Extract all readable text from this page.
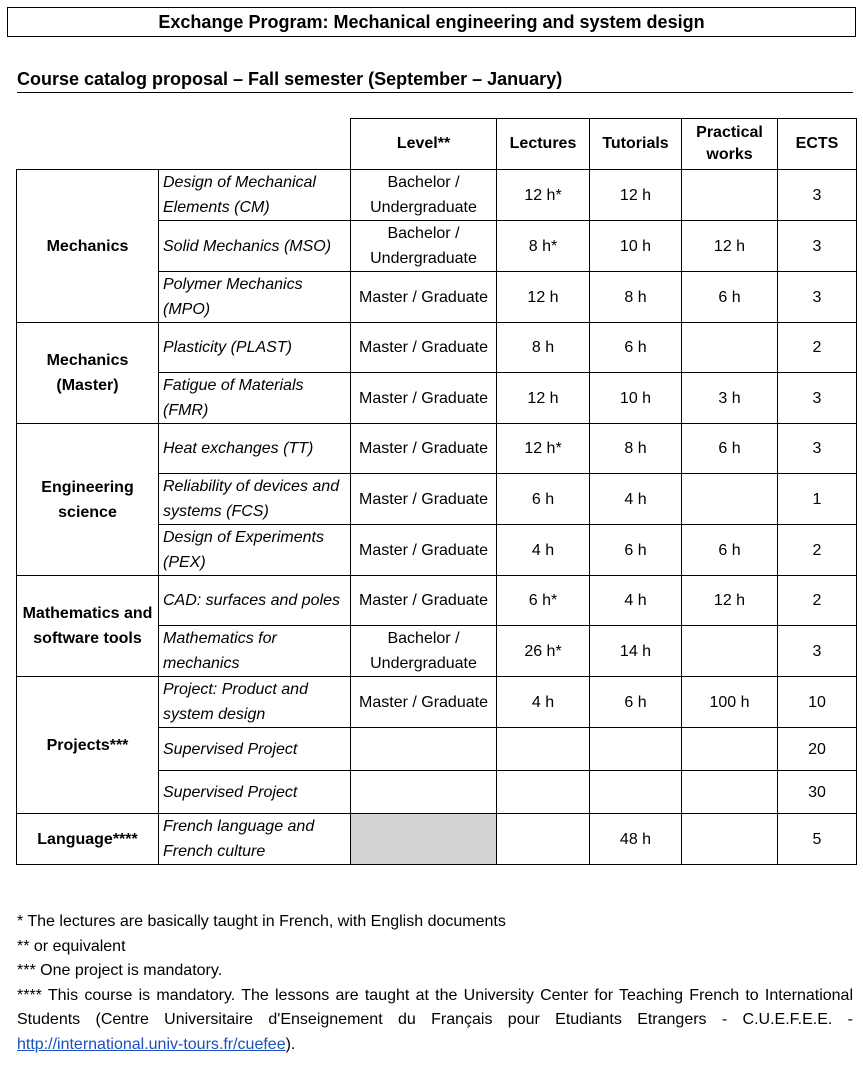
Exchange Program: Mechanical engineering and system design
Course catalog proposal – Fall semester (September – January)
		Level**	Lectures	Tutorials	Practical works	ECTS
Mechanics	Design of Mechanical Elements (CM)	Bachelor / Undergraduate	12 h*	12 h		3
	Solid Mechanics (MSO)	Bachelor / Undergraduate	8 h*	10 h	12 h	3
	Polymer Mechanics (MPO)	Master / Graduate	12 h	8 h	6 h	3
Mechanics (Master)	Plasticity (PLAST)	Master / Graduate	8 h	6 h		2
	Fatigue of Materials (FMR)	Master / Graduate	12 h	10 h	3 h	3
Engineering science	Heat exchanges (TT)	Master / Graduate	12 h*	8 h	6 h	3
	Reliability of devices and systems (FCS)	Master / Graduate	6 h	4 h		1
	Design of Experiments (PEX)	Master / Graduate	4 h	6 h	6 h	2
Mathematics and software tools	CAD: surfaces and poles	Master / Graduate	6 h*	4 h	12 h	2
	Mathematics for mechanics	Bachelor / Undergraduate	26 h*	14 h		3
Projects***	Project: Product and system design	Master / Graduate	4 h	6 h	100 h	10
	Supervised Project					20
	Supervised Project					30
Language****	French language and French culture			48 h		5

* The lectures are basically taught in French, with English documents

** or equivalent

*** One project is mandatory.

**** This course is mandatory. The lessons are taught at the University Center for Teaching French to International Students (Centre Universitaire d'Enseignement du Français pour Etudiants Etrangers - C.U.E.F.E.E. - http://international.univ-tours.fr/cuefee).
